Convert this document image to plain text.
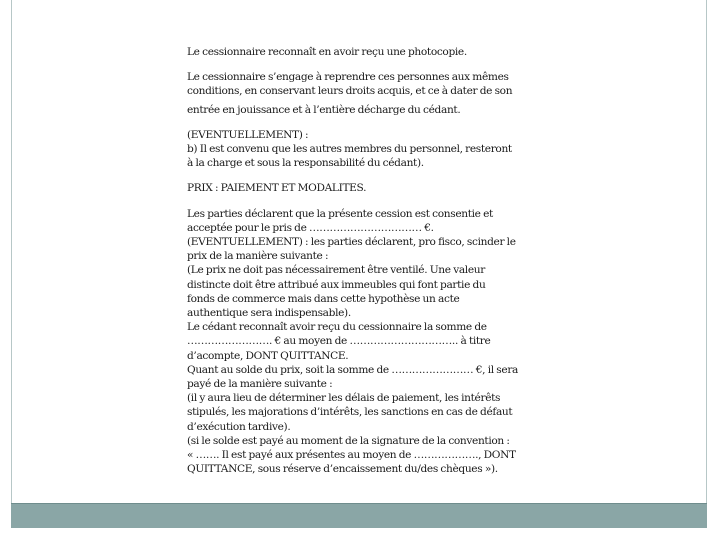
Le cessionnaire reconnaît en avoir reçu une photocopie.
Le cessionnaire s’engage à reprendre ces personnes aux mêmes
conditions, en conservant leurs droits acquis, et ce à dater de son
entrée en jouissance et à l’entière décharge du cédant.
(EVENTUELLEMENT) :
b) Il est convenu que les autres membres du personnel, resteront
à la charge et sous la responsabilité du cédant).
PRIX : PAIEMENT ET MODALITES.
Les parties déclarent que la présente cession est consentie et
acceptée pour le pris de …………………………… €.
(EVENTUELLEMENT) : les parties déclarent, pro fisco, scinder le
prix de la manière suivante :
(Le prix ne doit pas nécessairement être ventilé. Une valeur
distincte doit être attribué aux immeubles qui font partie du
fonds de commerce mais dans cette hypothèse un acte
authentique sera indispensable).
Le cédant reconnaît avoir reçu du cessionnaire la somme de
……………………. € au moyen de ………………………….. à titre
d’acompte, DONT QUITTANCE.
Quant au solde du prix, soit la somme de …………………… €, il sera
payé de la manière suivante :
(il y aura lieu de déterminer les délais de paiement, les intérêts
stipulés, les majorations d’intérêts, les sanctions en cas de défaut
d’exécution tardive).
(si le solde est payé au moment de la signature de la convention :
« ……. Il est payé aux présentes au moyen de ………………., DONT
QUITTANCE, sous réserve d’encaissement du/des chèques »).
